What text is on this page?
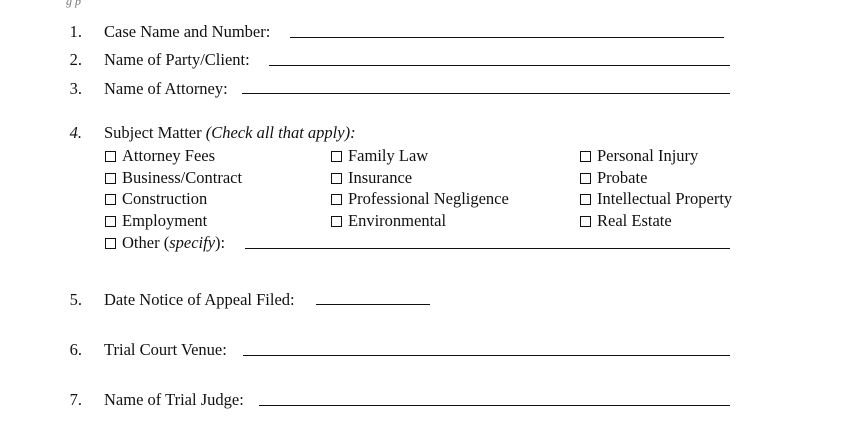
g p
1. Case Name and Number:
2. Name of Party/Client:
3. Name of Attorney:
4. Subject Matter (Check all that apply):
Attorney Fees
Business/Contract
Construction
Employment
Family Law
Insurance
Professional Negligence
Environmental
Personal Injury
Probate
Intellectual Property
Real Estate
Other (specify):
5. Date Notice of Appeal Filed:
6. Trial Court Venue:
7. Name of Trial Judge:
